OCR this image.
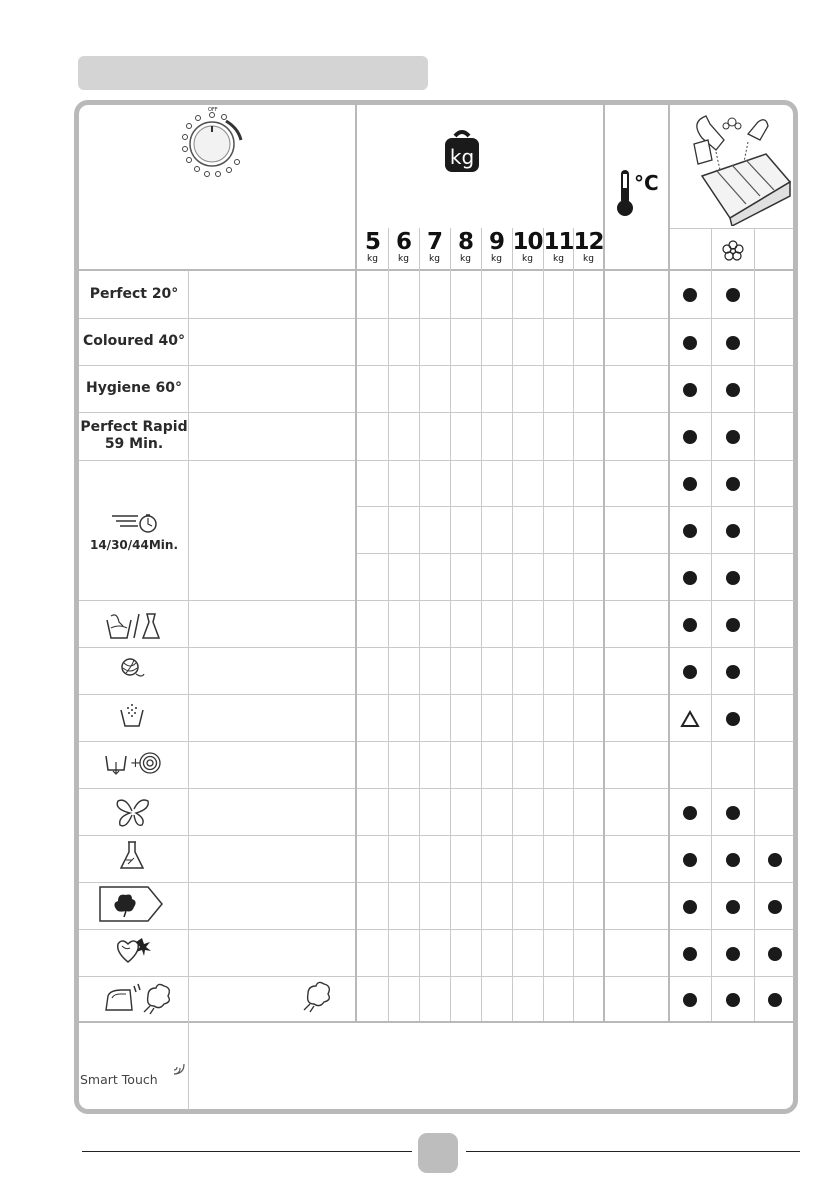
OFF
kg
°C
+
Smart Touch
5
kg
6
kg
7
kg
8
kg
9
kg
10
kg
11
kg
12
kg
Perfect 20°
Coloured 40°
Hygiene 60°
Perfect Rapid
59 Min.
14/30/44Min.
